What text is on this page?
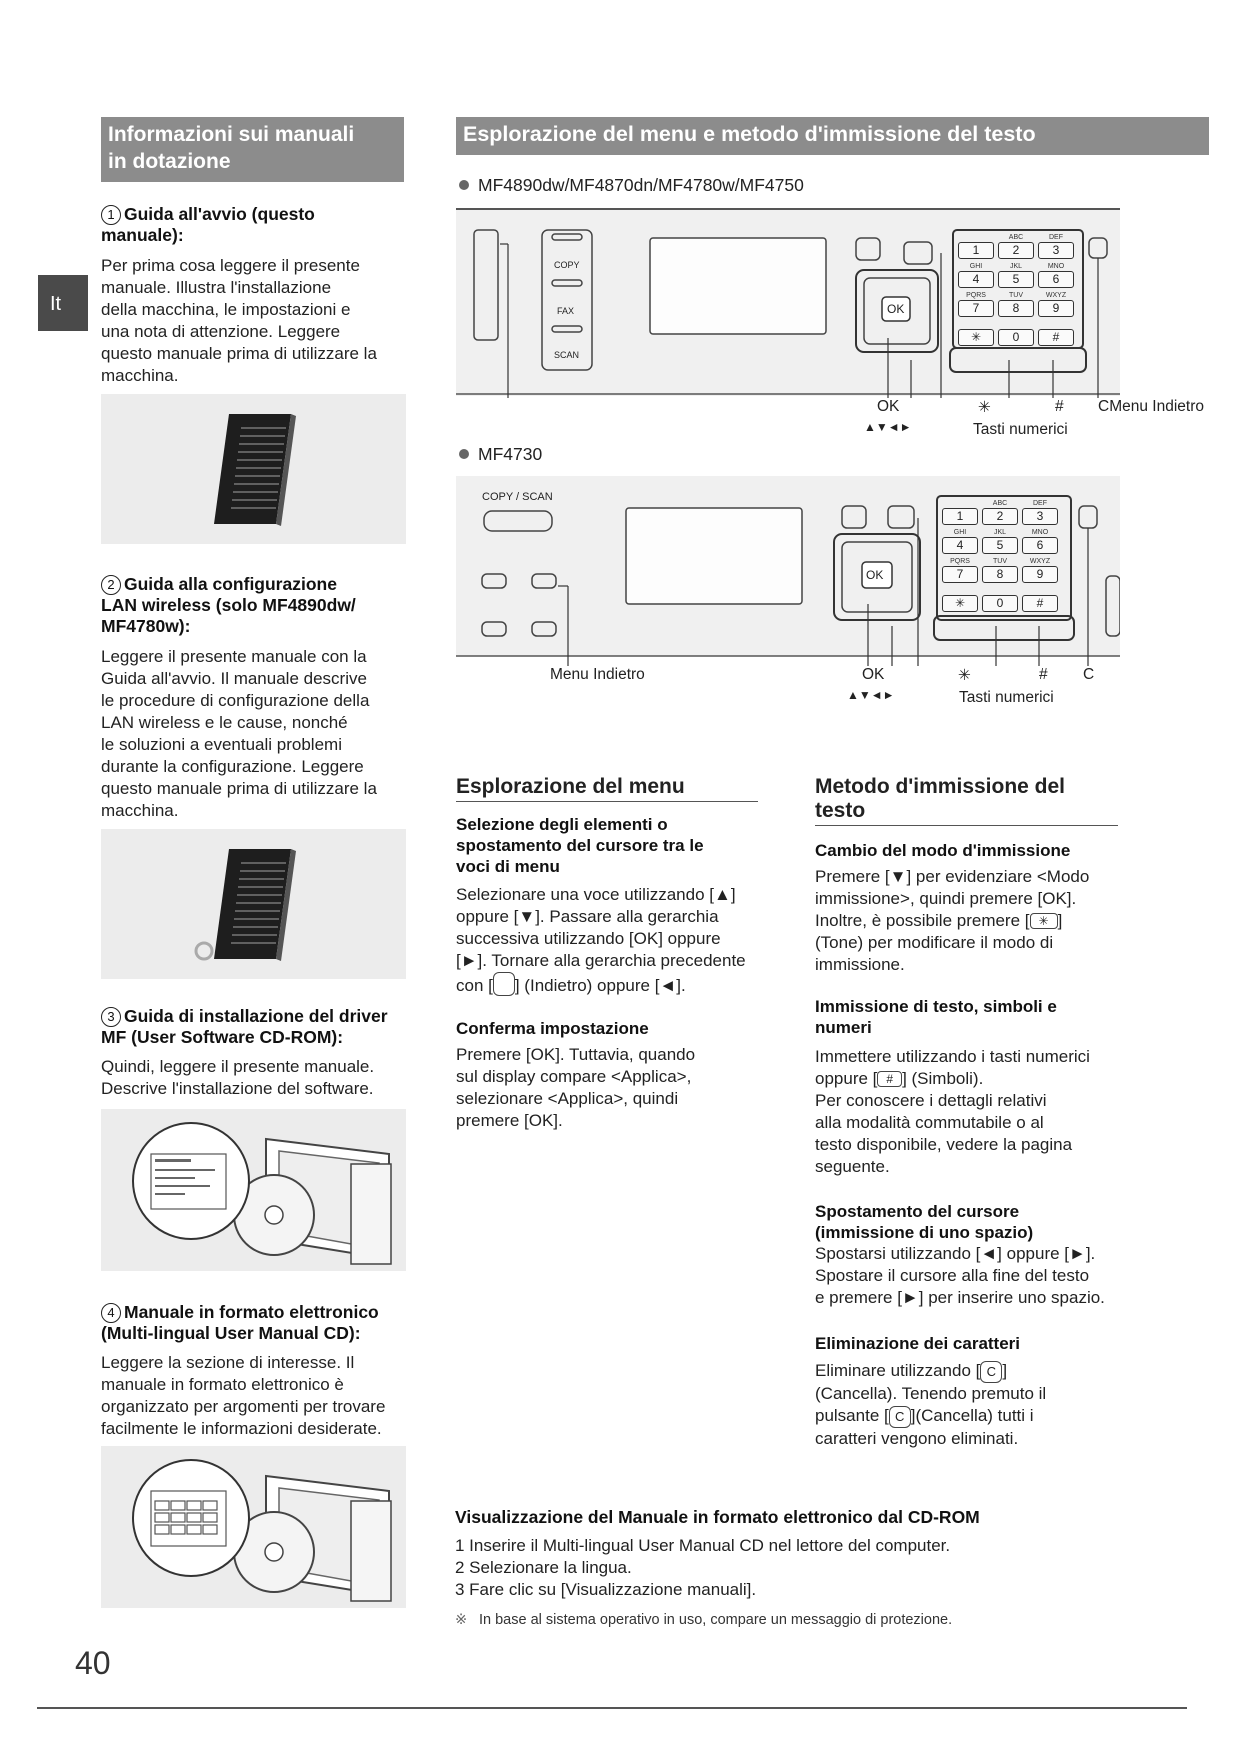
It
Informazioni sui manuali
in dotazione
1 Guida all'avvio (questo
manuale):
Per prima cosa leggere il presente
manuale. Illustra l'installazione
della macchina, le impostazioni e
una nota di attenzione. Leggere
questo manuale prima di utilizzare la
macchina.
2 Guida alla configurazione
LAN wireless (solo MF4890dw/
MF4780w):
Leggere il presente manuale con la
Guida all'avvio. Il manuale descrive
le procedure di configurazione della
LAN wireless e le cause, nonché
le soluzioni a eventuali problemi
durante la configurazione. Leggere
questo manuale prima di utilizzare la
macchina.
3 Guida di installazione del driver
MF (User Software CD-ROM):
Quindi, leggere il presente manuale.
Descrive l'installazione del software.
4 Manuale in formato elettronico
(Multi-lingual User Manual CD):
Leggere la sezione di interesse. Il
manuale in formato elettronico è
organizzato per argomenti per trovare
facilmente le informazioni desiderate.
Esplorazione del menu e metodo d'immissione del testo
MF4890dw/MF4870dn/MF4780w/MF4750
COPY
FAX
SCAN
OK
1
ABC
2
DEF
3
GHI
4
JKL
5
MNO
6
PQRS
7
TUV
8
WXYZ
9
✳	0	#
OK
▲▼◄►
✳	# CMenu Indietro
Tasti numerici
MF4730
COPY / SCAN
OK
1
ABC
2
DEF
3
GHI
4
JKL
5
MNO
6
PQRS
7
TUV
8
WXYZ
9
✳	0	#
Menu Indietro	OK
▲▼◄►
✳	# C
Tasti numerici
Esplorazione del menu
Selezione degli elementi o
spostamento del cursore tra le
voci di menu
Selezionare una voce utilizzando [▲]
oppure [▼]. Passare alla gerarchia
successiva utilizzando [OK] oppure
[►]. Tornare alla gerarchia precedente
con [ ] (Indietro) oppure [◄].
Conferma impostazione
Premere [OK]. Tuttavia, quando
sul display compare <Applica>,
selezionare <Applica>, quindi
premere [OK].
Metodo d'immissione del
testo
Cambio del modo d'immissione
Premere [▼] per evidenziare <Modo
immissione>, quindi premere [OK].
Inoltre, è possibile premere [ ✳ ]
(Tone) per modificare il modo di
immissione.
Immissione di testo, simboli e
numeri
Immettere utilizzando i tasti numerici
oppure [ # ] (Simboli).
Per conoscere i dettagli relativi
alla modalità commutabile o al
testo disponibile, vedere la pagina
seguente.
Spostamento del cursore
(immissione di uno spazio)
Spostarsi utilizzando [◄] oppure [►].
Spostare il cursore alla fine del testo
e premere [►] per inserire uno spazio.
Eliminazione dei caratteri
Eliminare utilizzando [ C ]
(Cancella). Tenendo premuto il
pulsante [ C ](Cancella) tutti i
caratteri vengono eliminati.
Visualizzazione del Manuale in formato elettronico dal CD-ROM
1 Inserire il Multi-lingual User Manual CD nel lettore del computer.
2 Selezionare la lingua.
3 Fare clic su [Visualizzazione manuali].
※ In base al sistema operativo in uso, compare un messaggio di protezione.
40
